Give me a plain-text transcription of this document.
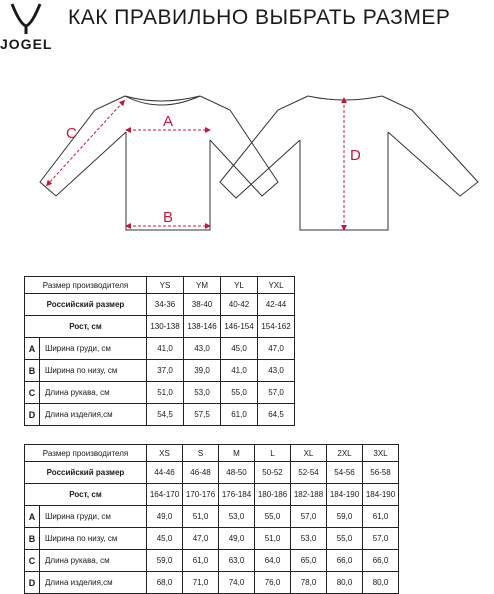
JOGEL
КАК ПРАВИЛЬНО ВЫБРАТЬ РАЗМЕР
A
B
C
D
Размер производителя		YS	YM	YL	YXL
Российский размер		34-36	38-40	40-42	42-44
Рост, см		130-138	138-146	146-154	154-162
A	Ширина груди, см	41,0	43,0	45,0	47,0
B	Ширина по низу, см	37,0	39,0	41,0	43,0
C	Длина рукава, см	51,0	53,0	55,0	57,0
D	Длина изделия,см	54,5	57,5	61,0	64,5
Размер производителя		XS	S	M	L	XL	2XL	3XL
Российский размер		44-46	46-48	48-50	50-52	52-54	54-56	56-58
Рост, см		164-170	170-176	176-184	180-186	182-188	184-190	184-190
A	Ширина груди, см	49,0	51,0	53,0	55,0	57,0	59,0	61,0
B	Ширина по низу, см	45,0	47,0	49,0	51,0	53,0	55,0	57,0
C	Длина рукава, см	59,0	61,0	63,0	64,0	65,0	66,0	66,0
D	Длина изделия,см	68,0	71,0	74,0	76,0	78,0	80,0	80,0
